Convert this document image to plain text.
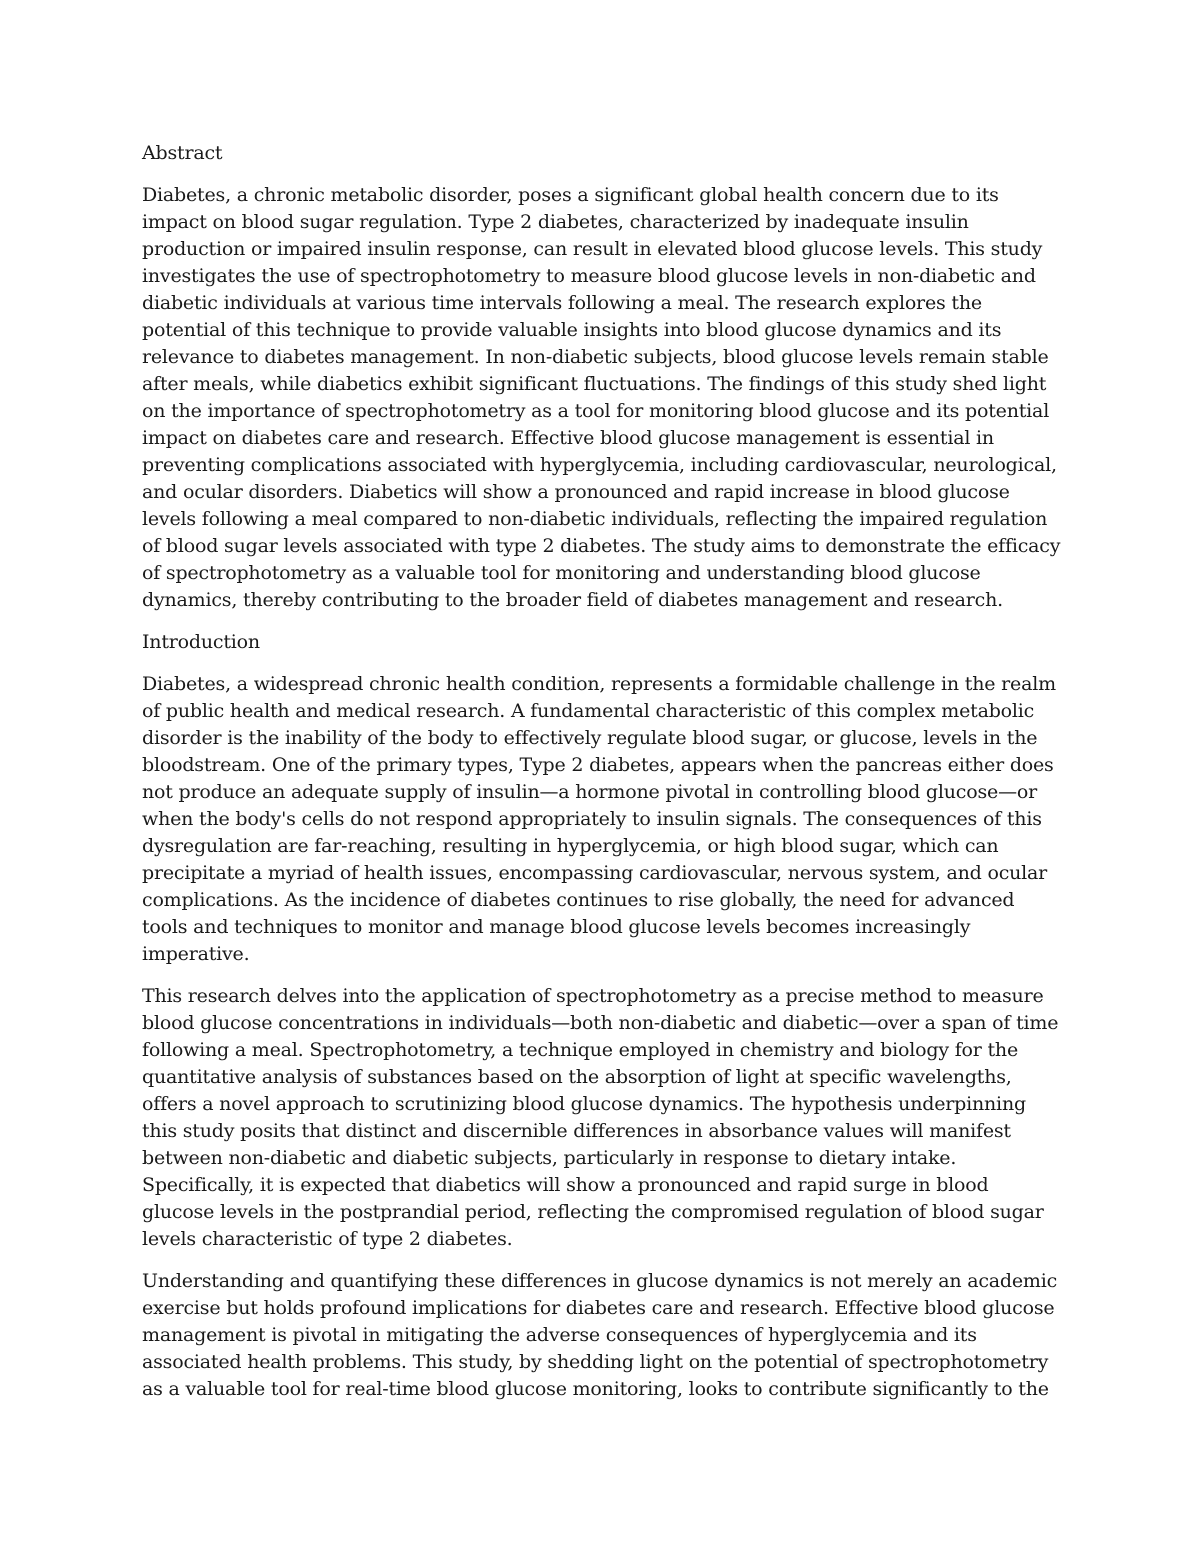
Abstract

Diabetes, a chronic metabolic disorder, poses a significant global health concern due to its impact on blood sugar regulation. Type 2 diabetes, characterized by inadequate insulin production or impaired insulin response, can result in elevated blood glucose levels. This study investigates the use of spectrophotometry to measure blood glucose levels in non-diabetic and diabetic individuals at various time intervals following a meal. The research explores the potential of this technique to provide valuable insights into blood glucose dynamics and its relevance to diabetes management. In non-diabetic subjects, blood glucose levels remain stable after meals, while diabetics exhibit significant fluctuations. The findings of this study shed light on the importance of spectrophotometry as a tool for monitoring blood glucose and its potential impact on diabetes care and research. Effective blood glucose management is essential in preventing complications associated with hyperglycemia, including cardiovascular, neurological, and ocular disorders. Diabetics will show a pronounced and rapid increase in blood glucose levels following a meal compared to non-diabetic individuals, reflecting the impaired regulation of blood sugar levels associated with type 2 diabetes. The study aims to demonstrate the efficacy of spectrophotometry as a valuable tool for monitoring and understanding blood glucose dynamics, thereby contributing to the broader field of diabetes management and research.

Introduction

Diabetes, a widespread chronic health condition, represents a formidable challenge in the realm of public health and medical research. A fundamental characteristic of this complex metabolic disorder is the inability of the body to effectively regulate blood sugar, or glucose, levels in the bloodstream. One of the primary types, Type 2 diabetes, appears when the pancreas either does not produce an adequate supply of insulin—a hormone pivotal in controlling blood glucose—or when the body's cells do not respond appropriately to insulin signals. The consequences of this dysregulation are far-reaching, resulting in hyperglycemia, or high blood sugar, which can precipitate a myriad of health issues, encompassing cardiovascular, nervous system, and ocular complications. As the incidence of diabetes continues to rise globally, the need for advanced tools and techniques to monitor and manage blood glucose levels becomes increasingly imperative.

This research delves into the application of spectrophotometry as a precise method to measure blood glucose concentrations in individuals—both non-diabetic and diabetic—over a span of time following a meal. Spectrophotometry, a technique employed in chemistry and biology for the quantitative analysis of substances based on the absorption of light at specific wavelengths, offers a novel approach to scrutinizing blood glucose dynamics. The hypothesis underpinning this study posits that distinct and discernible differences in absorbance values will manifest between non-diabetic and diabetic subjects, particularly in response to dietary intake. Specifically, it is expected that diabetics will show a pronounced and rapid surge in blood glucose levels in the postprandial period, reflecting the compromised regulation of blood sugar levels characteristic of type 2 diabetes.

Understanding and quantifying these differences in glucose dynamics is not merely an academic exercise but holds profound implications for diabetes care and research. Effective blood glucose management is pivotal in mitigating the adverse consequences of hyperglycemia and its associated health problems. This study, by shedding light on the potential of spectrophotometry as a valuable tool for real-time blood glucose monitoring, looks to contribute significantly to the
